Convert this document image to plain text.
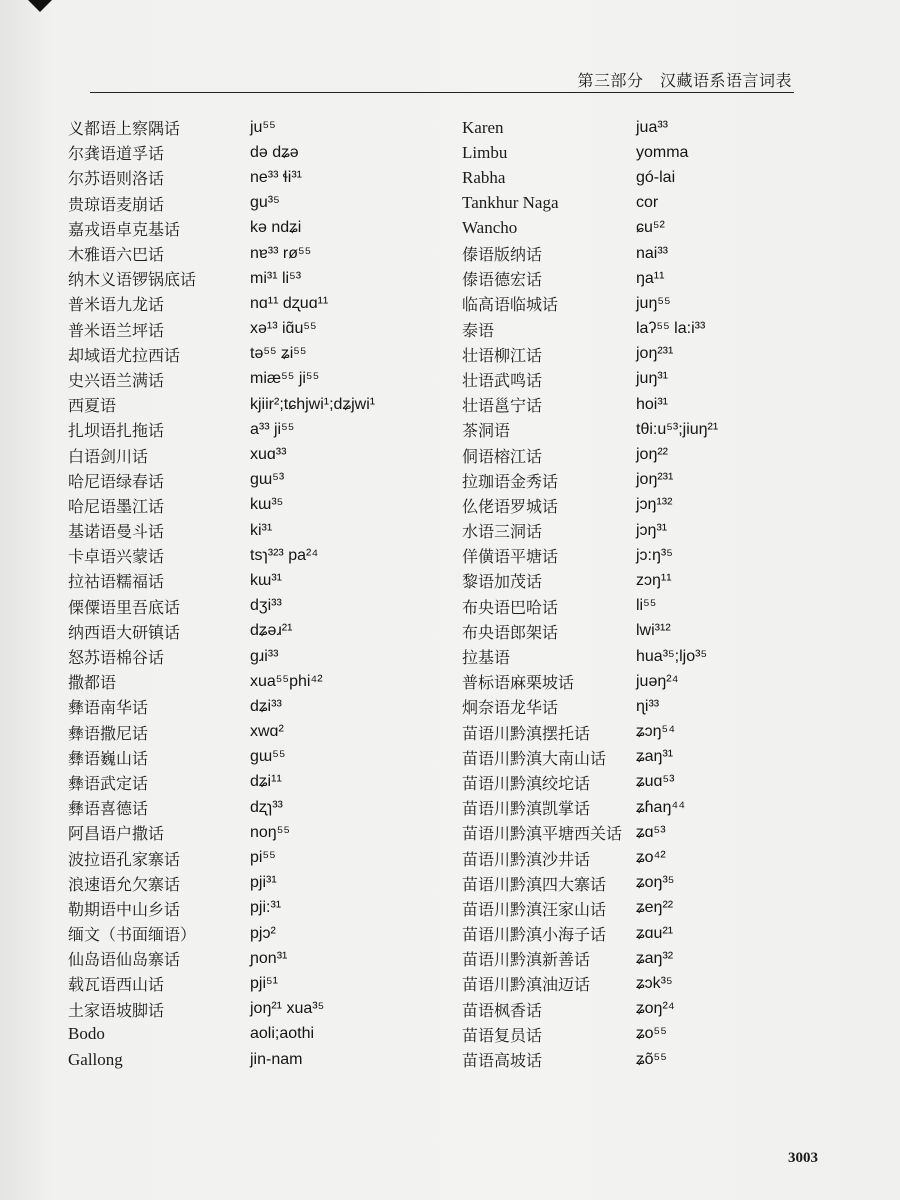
第三部分　汉藏语系语言词表
义都语上察隅话	ju⁵⁵
尔龚语道孚话	də dʑə
尔苏语则洛话	ne³³ ɬi³¹
贵琼语麦崩话	gu³⁵
嘉戎语卓克基话	kə ndʑi
木雅语六巴话	nɐ³³ rø⁵⁵
纳木义语锣锅底话	mi³¹ li⁵³
普米语九龙话	nɑ¹¹ dʐuɑ¹¹
普米语兰坪话	xə¹³ iɑ̃u⁵⁵
却域语尤拉西话	tə⁵⁵ ʑi⁵⁵
史兴语兰满话	miæ⁵⁵ ji⁵⁵
西夏语	kjiir²;tɕhjwi¹;dʑjwi¹
扎坝语扎拖话	a³³ ji⁵⁵
白语剑川话	xuɑ³³
哈尼语绿春话	gɯ⁵³
哈尼语墨江话	kɯ³⁵
基诺语曼斗话	ki³¹
卡卓语兴蒙话	tsɿ³²³ pa²⁴
拉祜语糯福话	kɯ³¹
傈僳语里吾底话	dʒi³³
纳西语大研镇话	dʑəɹ²¹
怒苏语棉谷话	gɹi³³
撒都语	xua⁵⁵phi⁴²
彝语南华话	dʑi³³
彝语撒尼话	xwɑ²
彝语巍山话	gɯ⁵⁵
彝语武定话	dʑi¹¹
彝语喜德话	dʐɿ³³
阿昌语户撒话	noŋ⁵⁵
波拉语孔家寨话	pi⁵⁵
浪速语允欠寨话	pji³¹
勒期语中山乡话	pji:³¹
缅文（书面缅语）	pjɔ²
仙岛语仙岛寨话	ɲon³¹
载瓦语西山话	pji⁵¹
土家语坡脚话	joŋ²¹ xua³⁵
Bodo	aoli;aothi
Gallong	jin-nam
Karen	jua³³
Limbu	yomma
Rabha	gó-lai
Tankhur Naga	cor
Wancho	ɕu⁵²
傣语版纳话	nai³³
傣语德宏话	ŋa¹¹
临高语临城话	juŋ⁵⁵
泰语	laʔ⁵⁵ la:i³³
壮语柳江话	joŋ²³¹
壮语武鸣话	juŋ³¹
壮语邕宁话	hoi³¹
茶洞语	tθi:u⁵³;jiuŋ²¹
侗语榕江话	joŋ²²
拉珈语金秀话	joŋ²³¹
仫佬语罗城话	jɔŋ¹³²
水语三洞话	jɔŋ³¹
佯僙语平塘话	jɔ:ŋ³⁵
黎语加茂话	zɔŋ¹¹
布央语巴哈话	li⁵⁵
布央语郎架话	lwi³¹²
拉基语	hua³⁵;ljo³⁵
普标语麻栗坡话	juəŋ²⁴
炯奈语龙华话	ɳi³³
苗语川黔滇摆托话	ʑɔŋ⁵⁴
苗语川黔滇大南山话	ʑaŋ³¹
苗语川黔滇绞坨话	ʑuɑ⁵³
苗语川黔滇凯掌话	ʑɦaŋ⁴⁴
苗语川黔滇平塘西关话 ʑɑ⁵³
苗语川黔滇沙井话	ʑo⁴²
苗语川黔滇四大寨话	ʑoŋ³⁵
苗语川黔滇汪家山话	ʑeŋ²²
苗语川黔滇小海子话	ʑɑu²¹
苗语川黔滇新善话	ʑaŋ³²
苗语川黔滇油迈话	ʑɔk³⁵
苗语枫香话	ʑoŋ²⁴
苗语复员话	ʑo⁵⁵
苗语高坡话	ʑõ⁵⁵
3003
